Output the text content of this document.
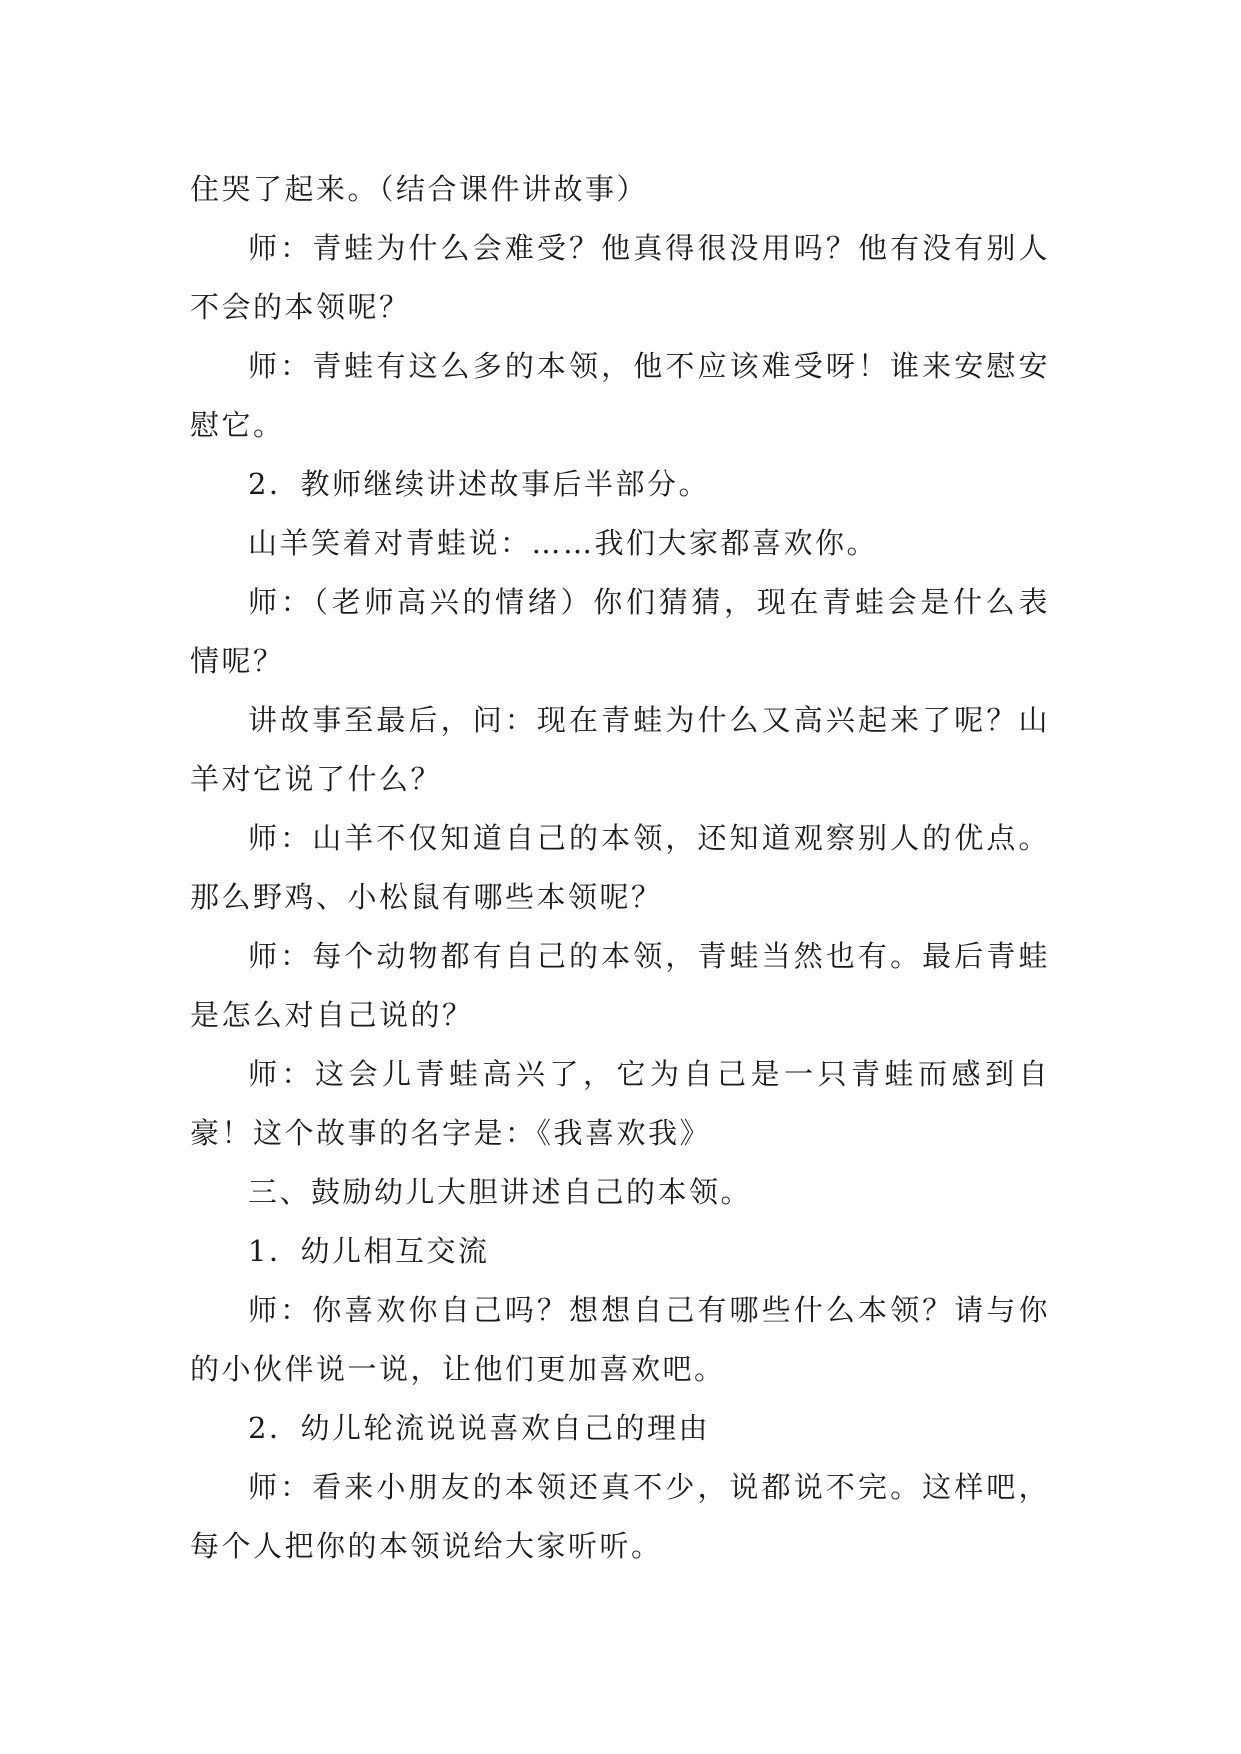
住哭了起来。（结合课件讲故事）

师：青蛙为什么会难受？他真得很没用吗？他有没有别人不会的本领呢？

师：青蛙有这么多的本领，他不应该难受呀！谁来安慰安慰它。

2．教师继续讲述故事后半部分。

山羊笑着对青蛙说：……我们大家都喜欢你。

师：（老师高兴的情绪）你们猜猜，现在青蛙会是什么表情呢？

讲故事至最后，问：现在青蛙为什么又高兴起来了呢？山羊对它说了什么？

师：山羊不仅知道自己的本领，还知道观察别人的优点。那么野鸡、小松鼠有哪些本领呢？

师：每个动物都有自己的本领，青蛙当然也有。最后青蛙是怎么对自己说的？

师：这会儿青蛙高兴了，它为自己是一只青蛙而感到自豪！这个故事的名字是：《我喜欢我》

三、鼓励幼儿大胆讲述自己的本领。

1．幼儿相互交流

师：你喜欢你自己吗？想想自己有哪些什么本领？请与你的小伙伴说一说，让他们更加喜欢吧。

2．幼儿轮流说说喜欢自己的理由

师：看来小朋友的本领还真不少，说都说不完。这样吧，每个人把你的本领说给大家听听。
